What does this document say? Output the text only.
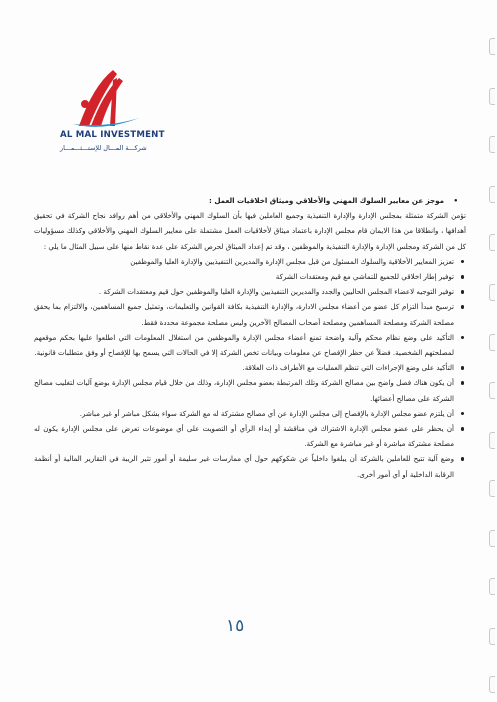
AL MAL INVESTMENT
شركـــة المـــال للإستـــثـــمـــار
• موجز عن معايير السلوك المهني والأخلاقي وميثاق اخلاقيات العمل :

تؤمن الشركة متمثلة بمجلس الإدارة والإدارة التنفيذية وجميع العاملين فيها بأن السلوك المهني والأخلاقي من أهم روافد نجاح الشركة في تحقيق أهدافها ، وانطلاقا من هذا الايمان قام مجلس الإدارة باعتماد ميثاق لأخلاقيات العمل مشتملة على معايير السلوك المهني والأخلاقي وكذلك مسؤوليات كل من الشركة ومجلس الإدارة والإدارة التنفيذية والموظفين ، وقد تم إعداد الميثاق لحرص الشركة على عدة نقاط منها على سبيل المثال ما يلي :

تعزيز المعايير الأخلاقية والسلوك المسئول من قبل مجلس الإدارة والمديرين التنفيذيين والإدارة العليا والموظفين
توفير إطار اخلاقي للجميع للتماشي مع قيم ومعتقدات الشركة
توفير التوجيه لاعضاء المجلس الحاليين والجدد والمديرين التنفيذيين والإدارة العليا والموظفين حول قيم ومعتقدات الشركة .
ترسيخ مبدأ التزام كل عضو من أعضاء مجلس الادارة، والإدارة التنفيذية بكافة القوانين والتعليمات، وتمثيل جميع المساهمين، والالتزام بما يحقق مصلحة الشركة ومصلحة المساهمين ومصلحة أصحاب المصالح الآخرين وليس مصلحة مجموعة محددة فقط.
التأكيد على وضع نظام محكم وآلية واضحة تمنع أعضاء مجلس الإدارة والموظفين من استغلال المعلومات التي اطلعوا عليها بحكم موقعهم لمصلحتهم الشخصية. فضلاً عن حظر الإفصاح عن معلومات وبيانات تخص الشركة إلا في الحالات التي يسمح بها للإفصاح أو وفق متطلبات قانونية.
التأكيد على وضع الإجراءات التي تنظم العمليات مع الأطراف ذات العلاقة.
أن يكون هناك فصل واضح بين مصالح الشركة وتلك المرتبطة بعضو مجلس الإدارة، وذلك من خلال قيام مجلس الإدارة بوضع آليات لتغليب مصالح الشركة على مصالح أعضائها.
أن يلتزم عضو مجلس الإدارة بالإفصاح إلى مجلس الإدارة عن أي مصالح مشتركة له مع الشركة سواء بشكل مباشر أو غير مباشر.
أن يحظر على عضو مجلس الإدارة الاشتراك في مناقشة أو إبداء الرأي أو التصويت على أي موضوعات تعرض على مجلس الإدارة يكون له مصلحة مشتركة مباشرة أو غير مباشرة مع الشركة.
وضع آلية تتيح للعاملين بالشركة أن يبلغوا داخلياً عن شكوكهم حول أي ممارسات غير سليمة أو أمور تثير الريبة في التقارير المالية أو أنظمة الرقابة الداخلية أو أي أمور أخرى.
١٥
